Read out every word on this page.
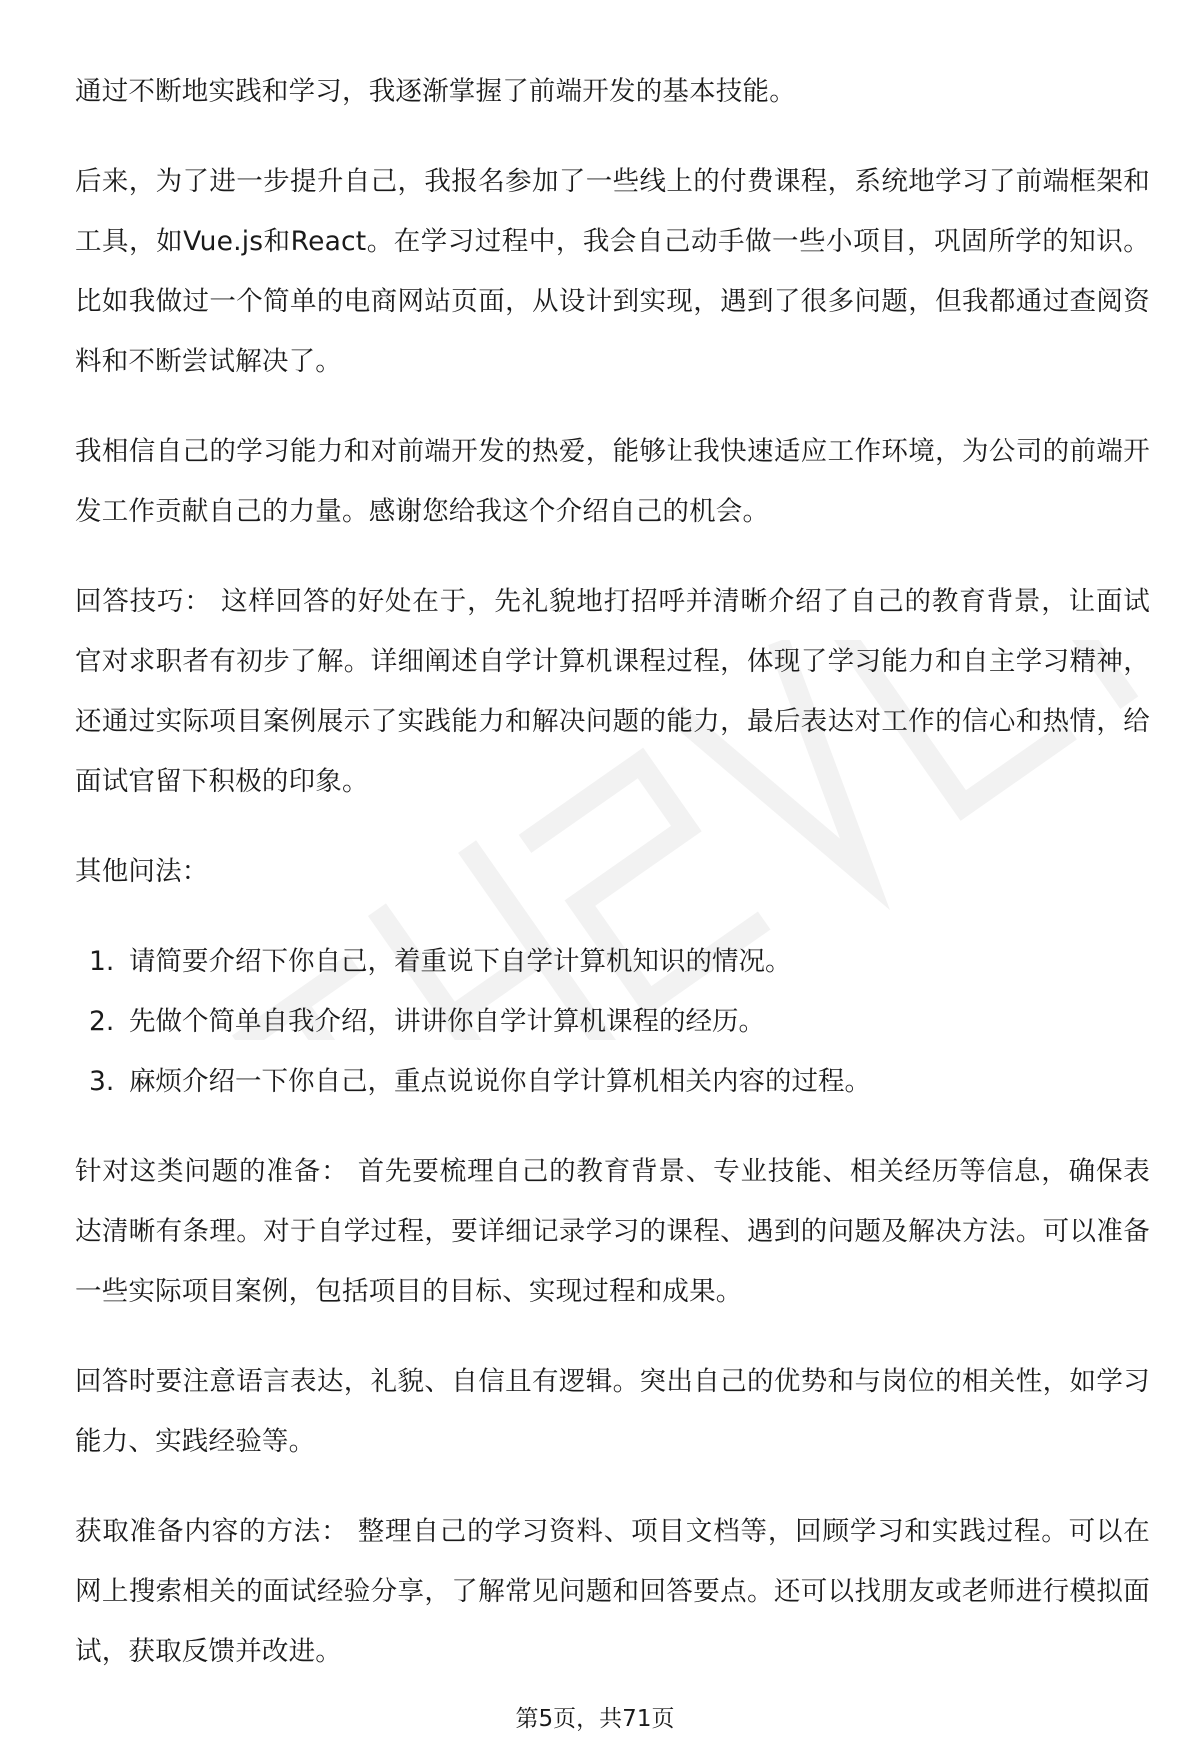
通过不断地实践和学习，我逐渐掌握了前端开发的基本技能。

后来，为了进一步提升自己，我报名参加了一些线上的付费课程，系统地学习了前端框架和工具，如Vue.js和React。在学习过程中，我会自己动手做一些小项目，巩固所学的知识。比如我做过一个简单的电商网站页面，从设计到实现，遇到了很多问题，但我都通过查阅资料和不断尝试解决了。

我相信自己的学习能力和对前端开发的热爱，能够让我快速适应工作环境，为公司的前端开发工作贡献自己的力量。感谢您给我这个介绍自己的机会。

回答技巧： 这样回答的好处在于，先礼貌地打招呼并清晰介绍了自己的教育背景，让面试官对求职者有初步了解。详细阐述自学计算机课程过程，体现了学习能力和自主学习精神，还通过实际项目案例展示了实践能力和解决问题的能力，最后表达对工作的信心和热情，给面试官留下积极的印象。

其他问法：

1. 请简要介绍下你自己，着重说下自学计算机知识的情况。
2. 先做个简单自我介绍，讲讲你自学计算机课程的经历。
3. 麻烦介绍一下你自己，重点说说你自学计算机相关内容的过程。

针对这类问题的准备： 首先要梳理自己的教育背景、专业技能、相关经历等信息，确保表达清晰有条理。对于自学过程，要详细记录学习的课程、遇到的问题及解决方法。可以准备一些实际项目案例，包括项目的目标、实现过程和成果。

回答时要注意语言表达，礼貌、自信且有逻辑。突出自己的优势和与岗位的相关性，如学习能力、实践经验等。

获取准备内容的方法： 整理自己的学习资料、项目文档等，回顾学习和实践过程。可以在网上搜索相关的面试经验分享，了解常见问题和回答要点。还可以找朋友或老师进行模拟面试，获取反馈并改进。

第5页，共71页
